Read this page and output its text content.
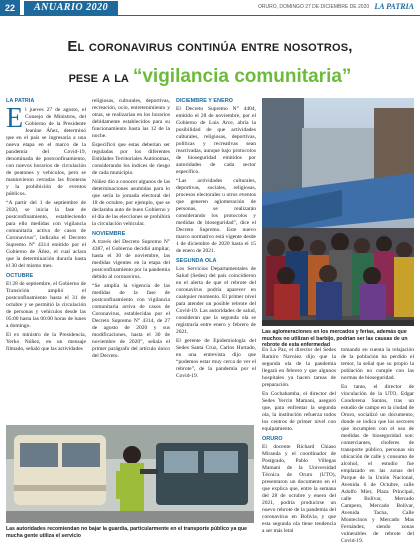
22	ANUARIO 2020	ORURO, DOMINGO 27 DE DICIEMBRE DE 2020 LA PATRIA
El coronavirus continúa entre nosotros,
pese a la “vigilancia comunitaria”
LA PATRIA

El jueves 27 de agosto, el Consejo de Ministros, del Gobierno de la Presidente Jeanine Áñez, determinó que en el país se ingresaría a una nueva etapa en el marco de la pandemia del Covid-19, denominada de postconfinamiento, con nuevos horarios de circulación de peatones y vehículos, pero se mantuvieron cerradas las fronteras y la prohibición de eventos públicos.

“A partir del 1 de septiembre de 2020, se inicia la fase de postconfinamiento, estableciendo para ello medidas con vigilancia comunitaria activa de casos de Coronavirus”, indicaba el Decreto Supremo N° 4314 emitido por el Gobierno de Áñez, el cual aclara que la determinación duraría hasta el 30 del mismo mes.

OCTUBRE

El 28 de septiembre, el Gobierno de Transición amplió el postconfinamiento hasta el 31 de octubre y se permitió la circulación de personas y vehículos desde las 05:00 hasta las 00:00 horas de lunes a domingo.

El ex ministro de la Presidencia, Yerko Núñez, en un mensaje filmado, señaló que las actividades

religiosas, culturales, deportivas, recreación, ocio, entretenimiento y otras, se realizarían en los horarios debidamente establecidos para su funcionamiento hasta las 12 de la noche.

Especificó que estas deberían ser reguladas por los diferentes Entidades Territoriales Autónomas, considerando los índices de riesgo de cada municipio.

Núñez dio a conocer algunos de las determinaciones asumidas para lo que sería la jornada electoral del 18 de octubre, por ejemplo, que se declaraba auto de buen Gobierno y el día de las elecciones se prohibirá la circulación vehicular.

NOVIEMBRE

A través del Decreto Supremo N° 4387, el Gobierno decidió ampliar, hasta el 30 de noviembre, las medidas vigentes en la etapa del postconfinamiento por la pandemia debido al coronavirus.

“Se amplía la vigencia de las medidas de la fase de postconfinamiento con vigilancia comunitaria activa de casos de Coronavirus, establecidas por el Decreto Supremo N° 4314, de 27 de agosto de 2020 y sus modificaciones, hasta el 30 de noviembre de 2020”, señala el primer parágrafo del artículo único del Decreto.

DICIEMBRE Y ENERO

El Decreto Supremo N° 4404, emitido el 28 de noviembre, por el Gobierno de Luis Arce, abría la posibilidad de que actividades culturales, religiosas, deportivas, políticas y recreativas sean reactivadas, aunque bajo protocolos de bioseguridad emitidos por autoridades de cada sector específico.

“Las actividades culturales, deportivas, sociales, religiosas, procesos electorales u otros eventos que generen aglomeración de personas, se realizarán considerando los protocolos y medidas de bioseguridad”, dice el Decreto Supremo. Este nuevo marco normativo está vigente desde 1 de diciembre de 2020 hasta el 15 de enero de 2021.

SEGUNDA OLA

Los Servicios Departamentales de Salud (Sedes) del país coincidieron en el alerta de que el rebrote del coronavirus podría aparecer en cualquier momento. El primer nivel para atender un posible rebrote del Covid-19. Las autoridades de salud, consideran que la segunda ola se registraría entre enero y febrero de 2021.

El gerente de Epidemiología del Sedes Santa Cruz, Carlos Hurtado, en una entrevista dijo que “podemos estar muy cerca de ver el rebrote”, de la pandemia por el Covid-19.

Las aglomeraciones en los mercados y ferias, además que muchos no utilizan el barbijo, podrían ser las causas de un rebrote de esta enfermedad
Las autoridades recomiendan no bajar la guardia, particularmente en el transporte público ya que mucha gente utiliza el servicio

En La Paz, el director del Sedes Ramiro Narváez dijo que la segunda ola de la pandemia llegará en febrero y que algunos hospitales ya hacen tareas de preparación.

En Cochabamba, el director del Sedes Yercin Mamani, aseguró que, para enfrentar la segunda ola, la institución refuerza todos los centros de primer nivel con equipamiento.

ORURO

El docente Richard Chiaso Miranda y el coordinador de Postgrado, Pablo Villegas Mamani de la Universidad Técnica de Oruro (UTO), presentaron un documento en el que explica que, entre la semana del 28 de octubre y enero del 2021, podría producirse un nuevo rebrote de la pandemia del coronavirus en Bolivia, y que esta segunda ola tiene tendencia a ser más letal

tomando en cuenta la relajación de la población ha perdido el temor, la señal que su propio la población no cumple con las normas de bioseguridad.

En tanto, el director de vinculación de la UTO, Edgar Condorena Santos, tras un estudio de campo en la ciudad de Oruro, socializó un documento, donde se indica que los sectores que incumplen con el uso de medidas de bioseguridad son: comerciantes, choferes de transporte público, personas sin ubicación de calle y consumo de alcohol, el estudio fue emplazado en las zonas del Parque de la Unión Nacional, Avenida 6 de Octubre, calle Adolfo Mier, Plaza Principal, calle Bolívar, Mercado Campero, Mercado Bolívar, Avenida Tacna, Calle Montecinos y Mercado Mas Fernández, siendo zonas vulnerables de rebrote del Covid-19.
